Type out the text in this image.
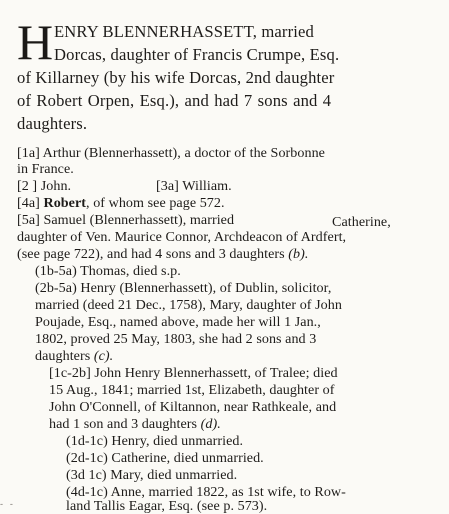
H ENRY BLENNERHASSETT, married
Dorcas, daughter of Francis Crumpe, Esq.
of Killarney (by his wife Dorcas, 2nd daughter
of Robert Orpen, Esq.), and had 7 sons and 4
daughters.
[1a] Arthur (Blennerhassett), a doctor of the Sorbonne
in France.
[2 ] John.	[3a] William.
[4a] Robert, of whom see page 572.
[5a] Samuel (Blennerhassett), married	Catherine,
daughter of Ven. Maurice Connor, Archdeacon of Ardfert,
(see page 722), and had 4 sons and 3 daughters (b).
(1b-5a) Thomas, died s.p.
(2b-5a) Henry (Blennerhassett), of Dublin, solicitor,
married (deed 21 Dec., 1758), Mary, daughter of John
Poujade, Esq., named above, made her will 1 Jan.,
1802, proved 25 May, 1803, she had 2 sons and 3
daughters (c).
[1c-2b] John Henry Blennerhassett, of Tralee; died
15 Aug., 1841; married 1st, Elizabeth, daughter of
John O'Connell, of Kiltannon, near Rathkeale, and
had 1 son and 3 daughters (d).
(1d-1c) Henry, died unmarried.
(2d-1c) Catherine, died unmarried.
(3d 1c) Mary, died unmarried.
(4d-1c) Anne, married 1822, as 1st wife, to Row-
land Tallis Eagar, Esq. (see p. 573).
- -
